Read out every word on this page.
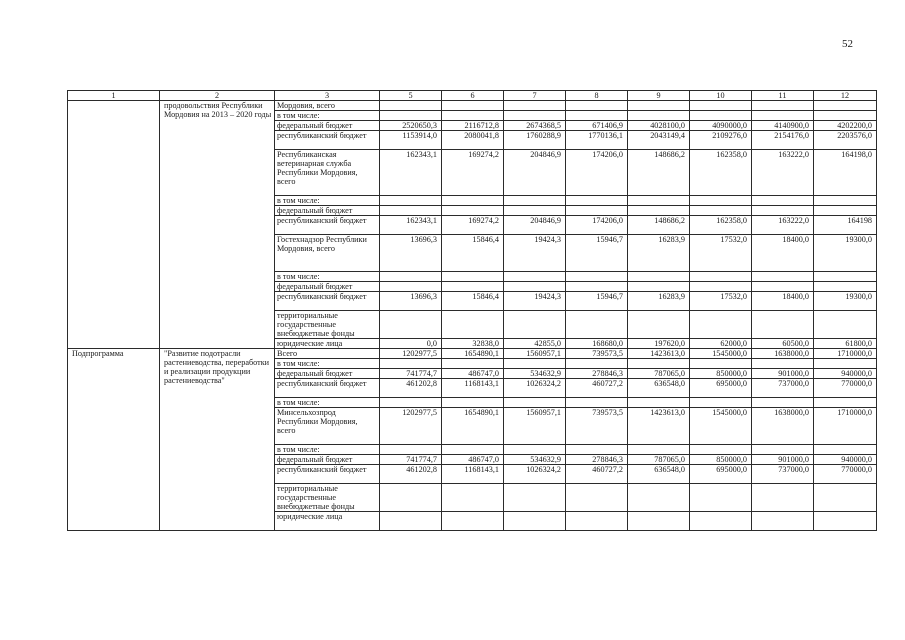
52
1	2	3	5	6	7	8	9	10	11	12
	продовольствия Республики Мордовия на 2013 – 2020 годы	Мордовия, всего								
		в том числе:								
		федеральный бюджет	2520650,3	2116712,8	2674368,5	671406,9	4028100,0	4090000,0	4140900,0	4202200,0
		республиканский бюджет	1153914,0	2080041,8	1760288,9	1770136,1	2043149,4	2109276,0	2154176,0	2203576,0
		Республиканская ветеринарная служба Республики Мордовия, всего	162343,1	169274,2	204846,9	174206,0	148686,2	162358,0	163222,0	164198,0
		в том числе:								
		федеральный бюджет								
		республиканский бюджет	162343,1	169274,2	204846,9	174206,0	148686,2	162358,0	163222,0	164198
		Гостехнадзор Республики Мордовия, всего	13696,3	15846,4	19424,3	15946,7	16283,9	17532,0	18400,0	19300,0
		в том числе:								
		федеральный бюджет								
		республиканский бюджет	13696,3	15846,4	19424,3	15946,7	16283,9	17532,0	18400,0	19300,0
		территориальные государственные внебюджетные фонды								
		юридические лица	0,0	32838,0	42855,0	168680,0	197620,0	62000,0	60500,0	61800,0
Подпрограмма	"Развитие подотрасли растениеводства, переработки и реализации продукции растениеводства"	Всего	1202977,5	1654890,1	1560957,1	739573,5	1423613,0	1545000,0	1638000,0	1710000,0
		в том числе:								
		федеральный бюджет	741774,7	486747,0	534632,9	278846,3	787065,0	850000,0	901000,0	940000,0
		республиканский бюджет	461202,8	1168143,1	1026324,2	460727,2	636548,0	695000,0	737000,0	770000,0
		в том числе:								
		Минсельхозпрод Республики Мордовия, всего	1202977,5	1654890,1	1560957,1	739573,5	1423613,0	1545000,0	1638000,0	1710000,0
		в том числе:								
		федеральный бюджет	741774,7	486747,0	534632,9	278846,3	787065,0	850000,0	901000,0	940000,0
		республиканский бюджет	461202,8	1168143,1	1026324,2	460727,2	636548,0	695000,0	737000,0	770000,0
		территориальные государственные внебюджетные фонды								
		юридические лица								
